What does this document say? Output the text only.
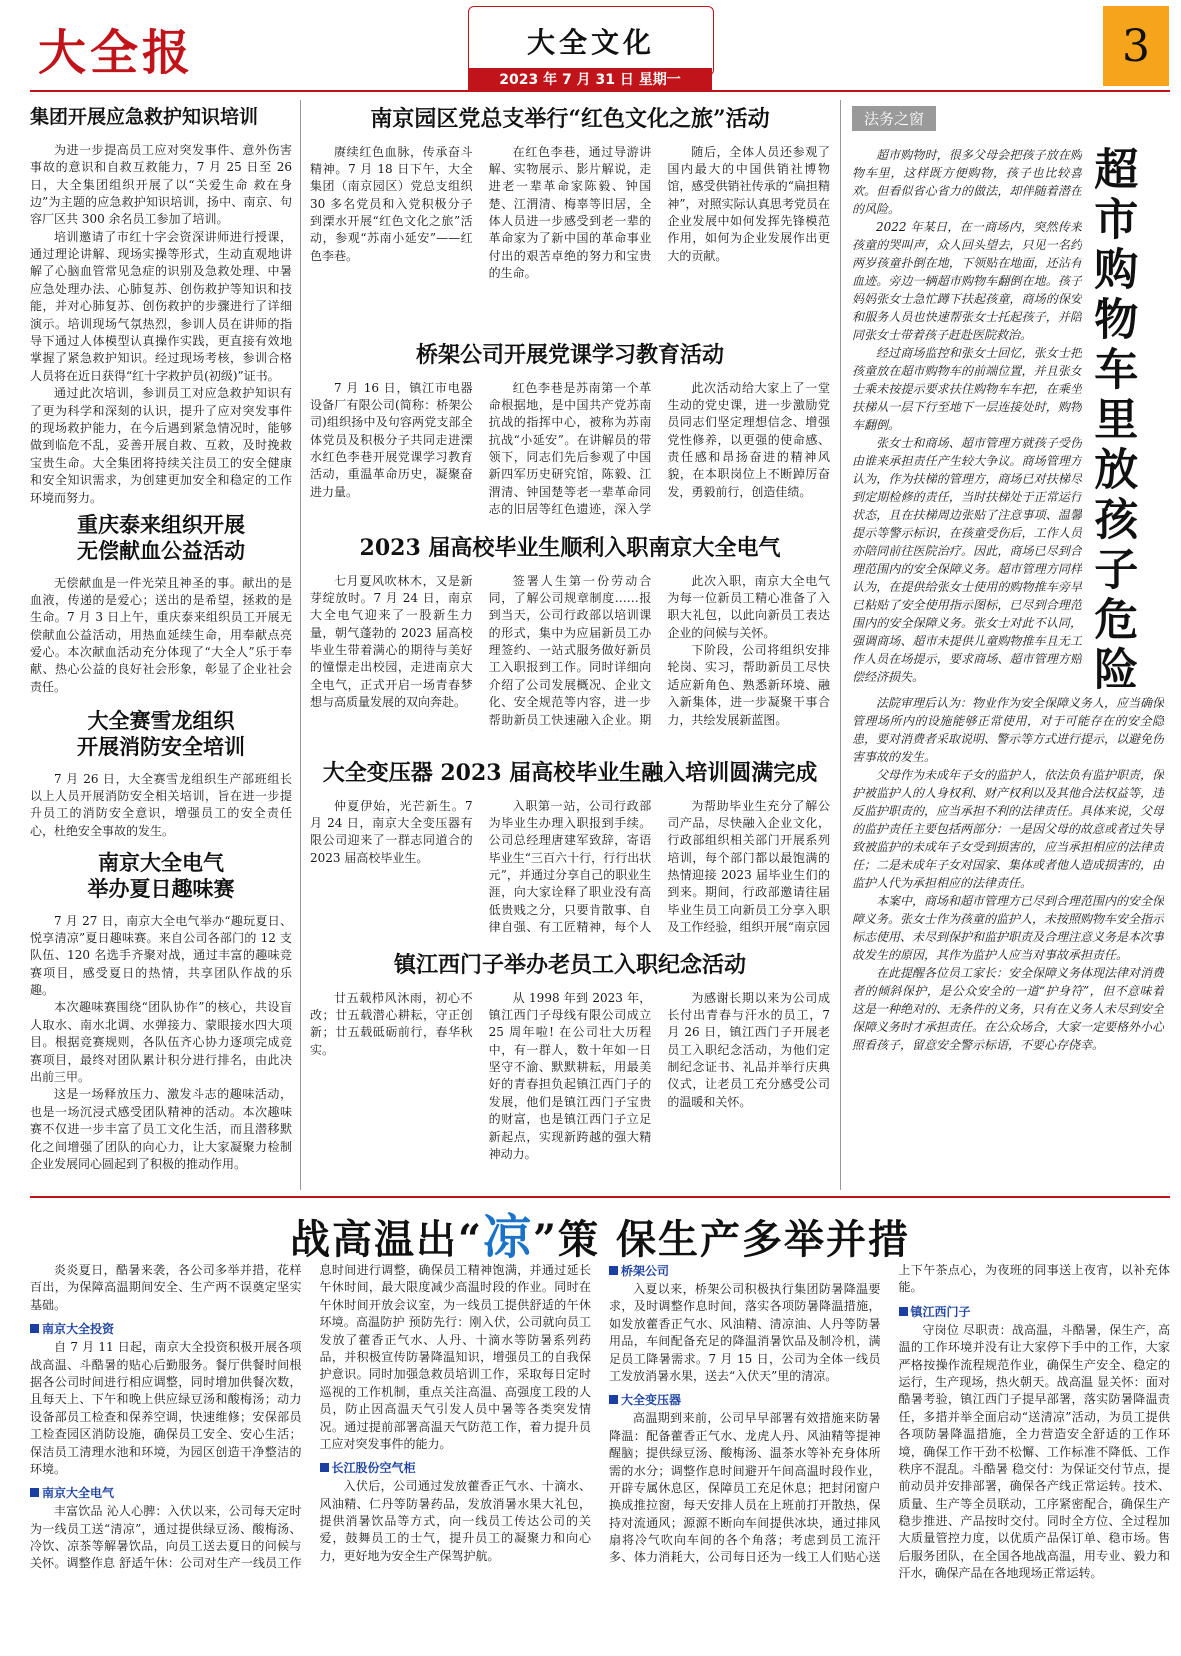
大全报	大全文化
2023 年 7 月 31 日 星期一
3
集团开展应急救护知识培训

为进一步提高员工应对突发事件、意外伤害事故的意识和自救互救能力，7 月 25 日至 26 日，大全集团组织开展了以“关爱生命 救在身边”为主题的应急救护知识培训，扬中、南京、句容厂区共 300 余名员工参加了培训。

培训邀请了市红十字会资深讲师进行授课，通过理论讲解、现场实操等形式，生动直观地讲解了心脑血管常见急症的识别及急救处理、中暑应急处理办法、心肺复苏、创伤救护等知识和技能，并对心肺复苏、创伤救护的步骤进行了详细演示。培训现场气氛热烈，参训人员在讲师的指导下通过人体模型认真操作实践，更直接有效地掌握了紧急救护知识。经过现场考核，参训合格人员将在近日获得“红十字救护员(初级)”证书。

通过此次培训，参训员工对应急救护知识有了更为科学和深刻的认识，提升了应对突发事件的现场救护能力，在今后遇到紧急情况时，能够做到临危不乱，妥善开展自救、互救，及时挽救宝贵生命。大全集团将持续关注员工的安全健康和安全知识需求，为创建更加安全和稳定的工作环境而努力。

重庆泰来组织开展
无偿献血公益活动

无偿献血是一件光荣且神圣的事。献出的是血液，传递的是爱心；送出的是希望，拯救的是生命。7 月 3 日上午，重庆泰来组织员工开展无偿献血公益活动，用热血延续生命，用奉献点亮爱心。本次献血活动充分体现了“大全人”乐于奉献、热心公益的良好社会形象，彰显了企业社会责任。

大全赛雪龙组织
开展消防安全培训

7 月 26 日，大全赛雪龙组织生产部班组长以上人员开展消防安全相关培训，旨在进一步提升员工的消防安全意识，增强员工的安全责任心，杜绝安全事故的发生。

南京大全电气
举办夏日趣味赛

7 月 27 日，南京大全电气举办“趣玩夏日、悦享清凉”夏日趣味赛。来自公司各部门的 12 支队伍、120 名选手齐聚对战，通过丰富的趣味竞赛项目，感受夏日的热情，共享团队作战的乐趣。

本次趣味赛围绕“团队协作”的核心，共设盲人取水、南水北调、水弹接力、蒙眼接水四大项目。根据竞赛规则，各队伍齐心协力逐项完成竞赛项目，最终对团队累计积分进行排名，由此决出前三甲。

这是一场释放压力、激发斗志的趣味活动，也是一场沉浸式感受团队精神的活动。本次趣味赛不仅进一步丰富了员工文化生活，而且潜移默化之间增强了团队的向心力，让大家凝聚力检制企业发展同心圆起到了积极的推动作用。

南京园区党总支举行“红色文化之旅”活动

赓续红色血脉，传承奋斗精神。7 月 18 日下午，大全集团（南京园区）党总支组织 30 多名党员和入党积极分子到溧水开展“红色文化之旅”活动，参观“苏南小延安”——红色李巷。

在红色李巷，通过导游讲解、实物展示、影片解说，走进老一辈革命家陈毅、钟国楚、江渭清、梅辜等旧居，全体人员进一步感受到老一辈的革命家为了新中国的革命事业付出的艰苦卓绝的努力和宝贵的生命。

随后，全体人员还参观了国内最大的中国供销社博物馆，感受供销社传承的“扁担精神”，对照实际认真思考党员在企业发展中如何发挥先锋模范作用，如何为企业发展作出更大的贡献。

桥架公司开展党课学习教育活动

7 月 16 日，镇江市电器设备厂有限公司(简称：桥架公司)组织扬中及句容两党支部全体党员及积极分子共同走进溧水红色李巷开展党课学习教育活动，重温革命历史，凝聚奋进力量。

红色李巷是苏南第一个革命根据地，是中国共产党苏南抗战的指挥中心，被称为苏南抗战“小延安”。在讲解员的带领下，同志们先后参观了中国新四军历史研究馆，陈毅、江渭清、钟国楚等老一辈革命同志的旧居等红色遗迹，深入学

此次活动给大家上了一堂生动的党史课，进一步激励党员同志们坚定理想信念、增强党性修养，以更强的使命感、责任感和昂扬奋进的精神风貌，在本职岗位上不断踔厉奋发，勇毅前行，创造佳绩。

2023 届高校毕业生顺利入职南京大全电气

七月夏风吹林木，又是新芽绽放时。7 月 24 日，南京大全电气迎来了一股新生力量，朝气蓬勃的 2023 届高校毕业生带着满心的期待与美好的憧憬走出校园，走进南京大全电气，正式开启一场青春梦想与高质量发展的双向奔赴。

签署人生第一份劳动合同，了解公司规章制度……报到当天，公司行政部以培训课的形式，集中为应届新员工办理签约、一站式服务做好新员工入职报到工作。同时详细向介绍了公司发展概况、企业文化、安全规范等内容，进一步帮助新员工快速融入企业。期

此次入职，南京大全电气为每一位新员工精心准备了入职大礼包，以此向新员工表达企业的问候与关怀。

下阶段，公司将组织安排轮岗、实习，帮助新员工尽快适应新角色、熟悉新环境、融入新集体，进一步凝聚干事合力，共绘发展新蓝图。

大全变压器 2023 届高校毕业生融入培训圆满完成

仲夏伊始，光芒新生。7 月 24 日，南京大全变压器有限公司迎来了一群志同道合的 2023 届高校毕业生。

入职第一站，公司行政部为毕业生办理入职报到手续。公司总经理唐建军致辞，寄语毕业生“三百六十行，行行出状元”，并通过分享自己的职业生涯，向大家诠释了职业没有高低贵贱之分，只要肯散事、自律自强、有工匠精神，每个人

为帮助毕业生充分了解公司产品，尽快融入企业文化，行政部组织相关部门开展系列培训，每个部门都以最饱满的热情迎接 2023 届毕业生们的到来。期间，行政部邀请往届毕业生员工向新员工分享入职及工作经验，组织开展“南京园

镇江西门子举办老员工入职纪念活动

廿五载栉风沐雨，初心不改；廿五载潜心耕耘，守正创新；廿五载砥砺前行，春华秋实。

从 1998 年到 2023 年，镇江西门子母线有限公司成立 25 周年啦! 在公司壮大历程中，有一群人，数十年如一日坚守不渝、默默耕耘，用最美好的青春担负起镇江西门子的发展，他们是镇江西门子宝贵的财富，也是镇江西门子立足新起点，实现新跨越的强大精神动力。

为感谢长期以来为公司成长付出青春与汗水的员工，7 月 26 日，镇江西门子开展老员工入职纪念活动，为他们定制纪念证书、礼品并举行庆典仪式，让老员工充分感受公司的温暖和关怀。

法务之窗
超市购物车里放孩子危险

超市购物时，很多父母会把孩子放在购物车里，这样既方便购物，孩子也比较喜欢。但看似省心省力的做法，却伴随着潜在的风险。

2022 年某日，在一商场内，突然传来孩童的哭叫声，众人回头望去，只见一名约两岁孩童扑倒在地，下领贴在地面，还沾有血迹。旁边一辆超市购物车翻倒在地。孩子妈妈张女士急忙蹲下扶起孩童，商场的保安和服务人员也快速帮张女士托起孩子，并陪同张女士带着孩子赶赴医院救治。

经过商场监控和张女士回忆，张女士把孩童放在超市购物车的前端位置，并且张女士乘未按提示要求扶住购物车车把，在乘坐扶梯从一层下行至地下一层连接处时，购物车翻倒。

张女士和商场、超市管理方就孩子受伤由谁来承担责任产生较大争议。商场管理方认为，作为扶梯的管理方，商场已对扶梯尽到定期检修的责任，当时扶梯处于正常运行状态，且在扶梯周边张贴了注意事项、温馨提示等警示标识，在孩童受伤后，工作人员亦陪同前往医院治疗。因此，商场已尽到合理范围内的安全保障义务。超市管理方同样认为，在提供给张女士使用的购物推车旁早已粘贴了安全使用指示图标，已尽到合理范围内的安全保障义务。张女士对此不认同，强调商场、超市未提供儿童购物推车且无工作人员在场提示，要求商场、超市管理方赔偿经济损失。

法院审理后认为：物业作为安全保障义务人，应当确保管理场所内的设施能够正常使用，对于可能存在的安全隐患，要对消费者采取说明、警示等方式进行提示，以避免伤害事故的发生。

父母作为未成年子女的监护人，依法负有监护职责，保护被监护人的人身权利、财产权利以及其他合法权益等，违反监护职责的，应当承担不利的法律责任。具体来说，父母的监护责任主要包括两部分：一是因父母的故意或者过失导致被监护的未成年子女受到损害的，应当承担相应的法律责任；二是未成年子女对国家、集体或者他人造成损害的，由监护人代为承担相应的法律责任。

本案中，商场和超市管理方已尽到合理范围内的安全保障义务。张女士作为孩童的监护人，未按照购物车安全指示标志使用、未尽到保护和监护职责及合理注意义务是本次事故发生的原因，其作为监护人应当对事故承担责任。

在此提醒各位员工家长：安全保障义务体现法律对消费者的倾斜保护，是公众安全的一道“护身符”，但不意味着这是一种绝对的、无条件的义务，只有在义务人未尽到安全保障义务时才承担责任。在公众场合，大家一定要格外小心照看孩子，留意安全警示标语，不要心存侥幸。

战高温出“凉”策 保生产多举并措

炎炎夏日，酷暑来袭，各公司多举并措，花样百出，为保障高温期间安全、生产两不误奠定坚实基础。

南京大全投资

自 7 月 11 日起，南京大全投资积极开展各项战高温、斗酷暑的贴心后勤服务。餐厅供餐时间根据各公司时间进行相应调整，同时增加供餐次数，且每天上、下午和晚上供应绿豆汤和酸梅汤；动力设备部员工检查和保养空调，快速维修；安保部员工检查园区消防设施，确保员工安全、安心生活；保洁员工清理水池和环境，为园区创造干净整洁的环境。

南京大全电气

丰富饮品 沁人心脾：入伏以来，公司每天定时为一线员工送“清凉”，通过提供绿豆汤、酸梅汤、冷饮、凉茶等解暑饮品，向员工送去夏日的问候与关怀。调整作息 舒适午休：公司对生产一线员工作息时间进行调整，确保员工精神饱满，并通过延长午休时间，最大限度减少高温时段的作业。同时在午休时间开放会议室，为一线员工提供舒适的午休环境。高温防护 预防先行：刚入伏，公司就向员工发放了藿香正气水、人丹、十滴水等防暑系列药品，并积极宣传防暑降温知识，增强员工的自我保护意识。同时加强急救员培训工作，采取每日定时巡视的工作机制，重点关注高温、高强度工段的人员，防止因高温天气引发人员中暑等各类突发情况。通过提前部署高温天气防范工作，着力提升员工应对突发事件的能力。

长江股份空气柜

入伏后，公司通过发放藿香正气水、十滴水、风油精、仁丹等防暑药品，发放消暑水果大礼包，提供消暑饮品等方式，向一线员工传达公司的关爱，鼓舞员工的士气，提升员工的凝聚力和向心力，更好地为安全生产保驾护航。

桥架公司

入夏以来，桥架公司积极执行集团防暑降温要求，及时调整作息时间，落实各项防暑降温措施，如发放藿香正气水、风油精、清凉油、人丹等防暑用品，车间配备充足的降温消暑饮品及制冷机，满足员工降暑需求。7 月 15 日，公司为全体一线员工发放消暑水果，送去“入伏天”里的清凉。

大全变压器

高温期到来前，公司早早部署有效措施来防暑降温：配备藿香正气水、龙虎人丹、风油精等提神醒脑；提供绿豆汤、酸梅汤、温茶水等补充身体所需的水分；调整作息时间避开午间高温时段作业，开辟专属休息区，保障员工充足休息；把封闭窗户换成推拉窗，每天安排人员在上班前打开散热，保持对流通风；源源不断向车间提供冰块，通过排风扇将冷气吹向车间的各个角落；考虑到员工流汗多、体力消耗大，公司每日还为一线工人们贴心送上下午茶点心，为夜班的同事送上夜宵，以补充体能。

镇江西门子

守岗位 尽职责：战高温，斗酷暑，保生产，高温的工作环境并没有让大家停下手中的工作，大家严格按操作流程规范作业，确保生产安全、稳定的运行，生产现场，热火朝天。战高温 显关怀：面对酷暑考验，镇江西门子提早部署，落实防暑降温责任，多措并举全面启动“送清凉”活动，为员工提供各项防暑降温措施，全力营造安全舒适的工作环境，确保工作干劲不松懈、工作标准不降低、工作秩序不混乱。斗酷暑 稳交付：为保证交付节点，提前动员并安排部署，确保各产线正常运转。技术、质量、生产等全员联动，工序紧密配合，确保生产稳步推进、产品按时交付。同时全方位、全过程加大质量管控力度，以优质产品保订单、稳市场。售后服务团队，在全国各地战高温，用专业、毅力和汗水，确保产品在各地现场正常运转。
